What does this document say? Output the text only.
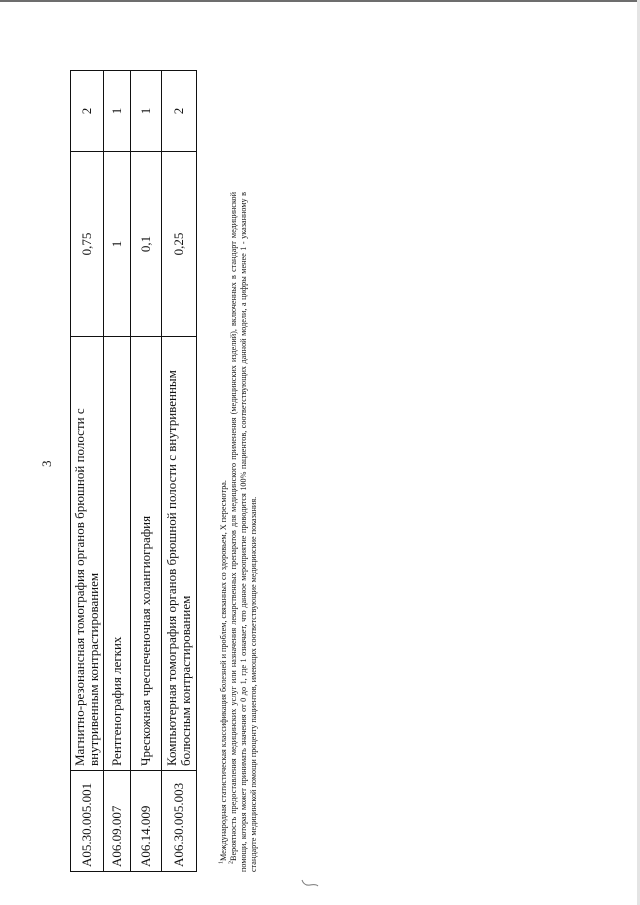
3
A05.30.005.001	Магнитно-резонансная томография органов брюшной полости с внутривенным контрастированием	0,75	2
A06.09.007	Рентгенография легких	1	1
A06.14.009	Чрескожная чреспеченочная холангиография	0,1	1
A06.30.005.003	Компьютерная томография органов брюшной полости с внутривенным болюсным контрастированием	0,25	2

$^1$Международная статистическая классификация болезней и проблем, связанных со здоровьем, X пересмотра.

$^2$Вероятность предоставления медицинских услуг или назначения лекарственных препаратов для медицинского применения (медицинских изделий), включенных в стандарт медицинской помощи, которая может принимать значения от 0 до 1, где 1 означает, что данное мероприятие проводится 100% пациентов, соответствующих данной модели, а цифры менее 1 - указанному в стандарте медицинской помощи проценту пациентов, имеющих соответствующие медицинские показания.
